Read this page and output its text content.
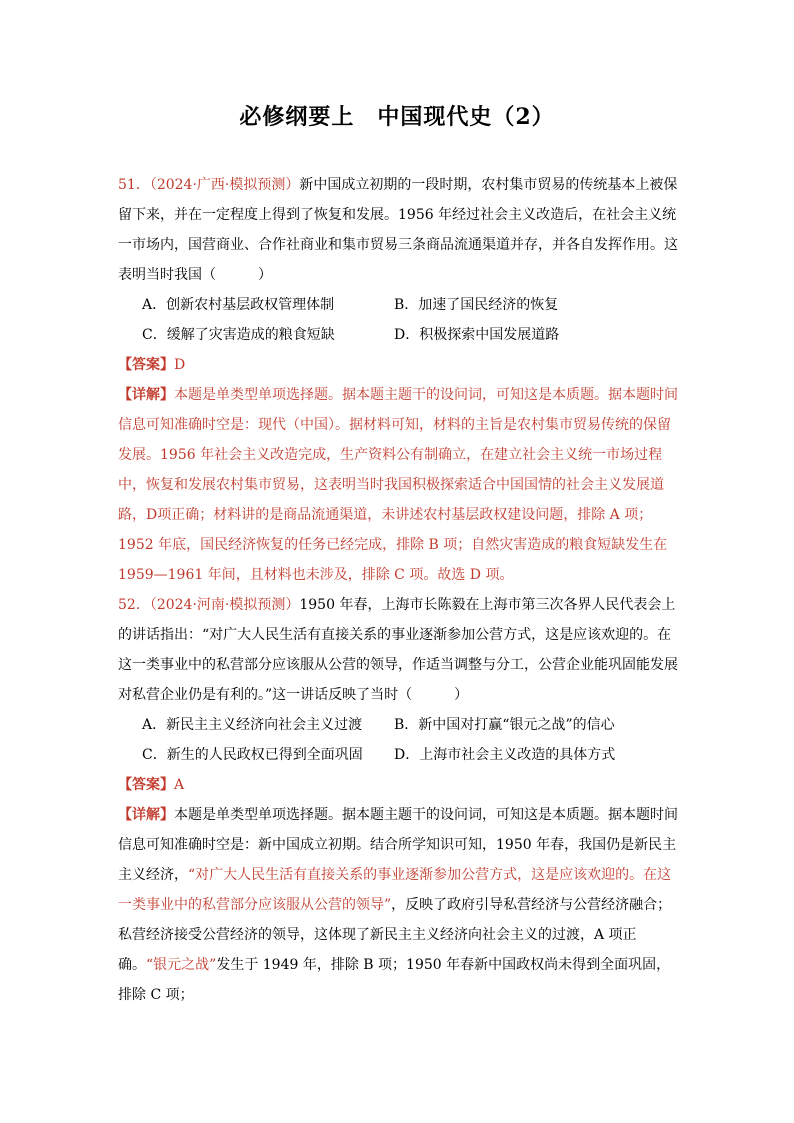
必修纲要上　中国现代史（2）

51．（2024·广西·模拟预测）新中国成立初期的一段时期，农村集市贸易的传统基本上被保留下来，并在一定程度上得到了恢复和发展。1956 年经过社会主义改造后，在社会主义统一市场内，国营商业、合作社商业和集市贸易三条商品流通渠道并存，并各自发挥作用。这表明当时我国（　　　）

A．创新农村基层政权管理体制	B．加速了国民经济的恢复
C．缓解了灾害造成的粮食短缺	D．积极探索中国发展道路

【答案】D

【详解】本题是单类型单项选择题。据本题主题干的设问词，可知这是本质题。据本题时间信息可知准确时空是：现代（中国）。据材料可知，材料的主旨是农村集市贸易传统的保留发展。1956 年社会主义改造完成，生产资料公有制确立，在建立社会主义统一市场过程中，恢复和发展农村集市贸易，这表明当时我国积极探索适合中国国情的社会主义发展道路，D项正确；材料讲的是商品流通渠道，未讲述农村基层政权建设问题，排除 A 项；1952 年底，国民经济恢复的任务已经完成，排除 B 项；自然灾害造成的粮食短缺发生在 1959—1961 年间，且材料也未涉及，排除 C 项。故选 D 项。

52．（2024·河南·模拟预测）1950 年春，上海市长陈毅在上海市第三次各界人民代表会上的讲话指出：“对广大人民生活有直接关系的事业逐渐参加公营方式，这是应该欢迎的。在这一类事业中的私营部分应该服从公营的领导，作适当调整与分工，公营企业能巩固能发展对私营企业仍是有利的。”这一讲话反映了当时（　　　）

A．新民主主义经济向社会主义过渡	B．新中国对打赢“银元之战”的信心
C．新生的人民政权已得到全面巩固	D．上海市社会主义改造的具体方式

【答案】A

【详解】本题是单类型单项选择题。据本题主题干的设问词，可知这是本质题。据本题时间信息可知准确时空是：新中国成立初期。结合所学知识可知，1950 年春，我国仍是新民主主义经济，“对广大人民生活有直接关系的事业逐渐参加公营方式，这是应该欢迎的。在这一类事业中的私营部分应该服从公营的领导”，反映了政府引导私营经济与公营经济融合；私营经济接受公营经济的领导，这体现了新民主主义经济向社会主义的过渡，A 项正确。“银元之战”发生于 1949 年，排除 B 项；1950 年春新中国政权尚未得到全面巩固，排除 C 项；
